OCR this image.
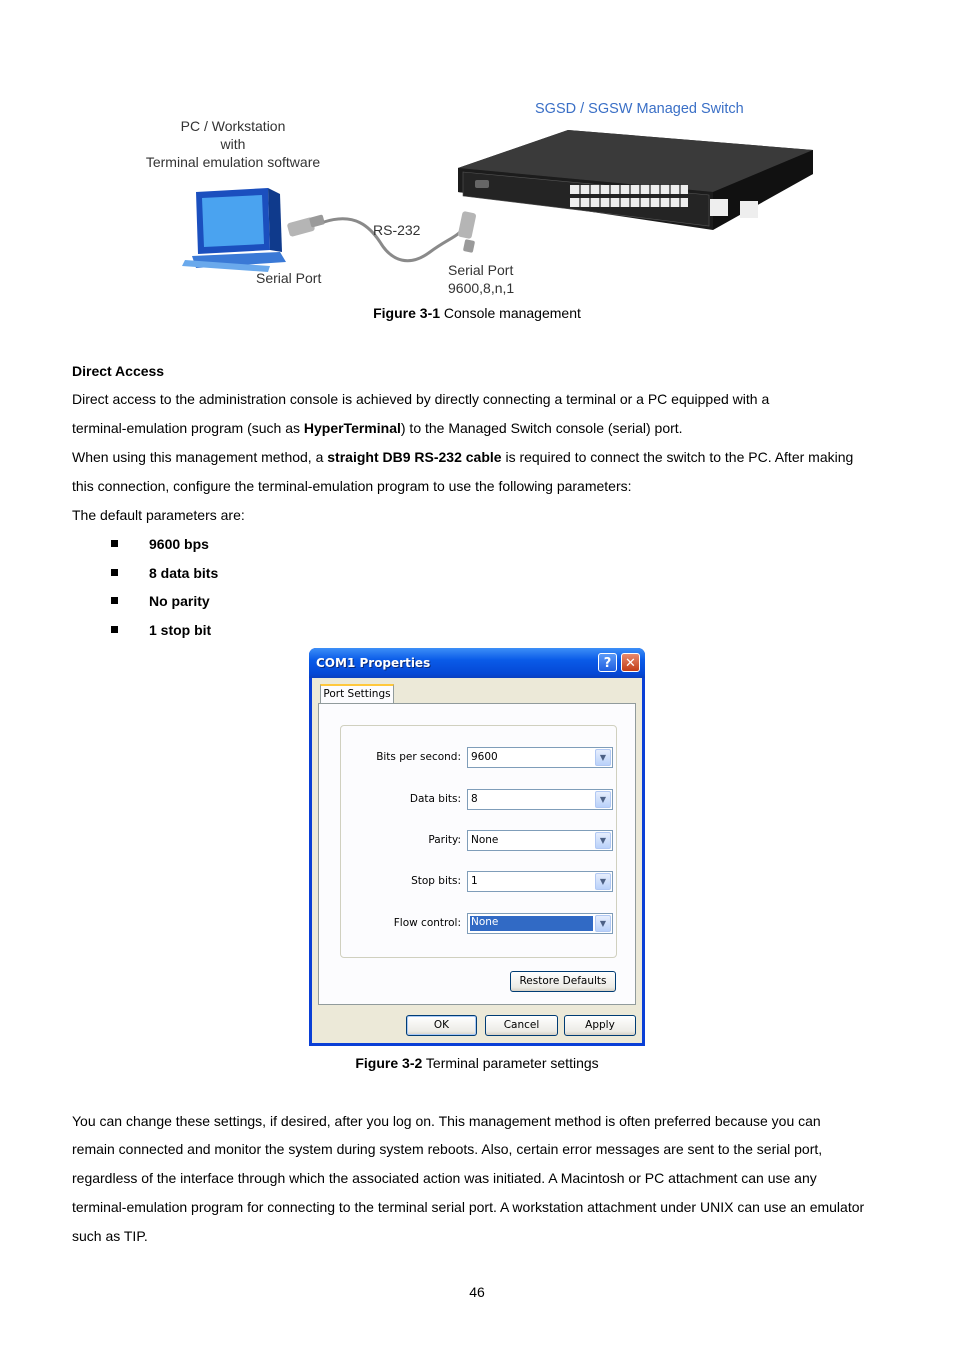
SGSD / SGSW Managed Switch
PC / Workstation
with
Terminal emulation software
RS-232
Serial Port	Serial Port
9600,8,n,1
Figure 3-1 Console management
Direct Access
Direct access to the administration console is achieved by directly connecting a terminal or a PC equipped with a
terminal-emulation program (such as HyperTerminal) to the Managed Switch console (serial) port.
When using this management method, a straight DB9 RS-232 cable is required to connect the switch to the PC. After making
this connection, configure the terminal-emulation program to use the following parameters:
The default parameters are:
9600 bps
8 data bits
No parity
1 stop bit
COM1 Properties	?	✕
Port Settings
Bits per second: 9600	▼
Data bits: 8	▼
Parity: None	▼
Stop bits: 1	▼
Flow control: None	▼
Restore Defaults
OK	Cancel	Apply
Figure 3-2 Terminal parameter settings
You can change these settings, if desired, after you log on. This management method is often preferred because you can
remain connected and monitor the system during system reboots. Also, certain error messages are sent to the serial port,
regardless of the interface through which the associated action was initiated. A Macintosh or PC attachment can use any
terminal-emulation program for connecting to the terminal serial port. A workstation attachment under UNIX can use an emulator
such as TIP.
46
